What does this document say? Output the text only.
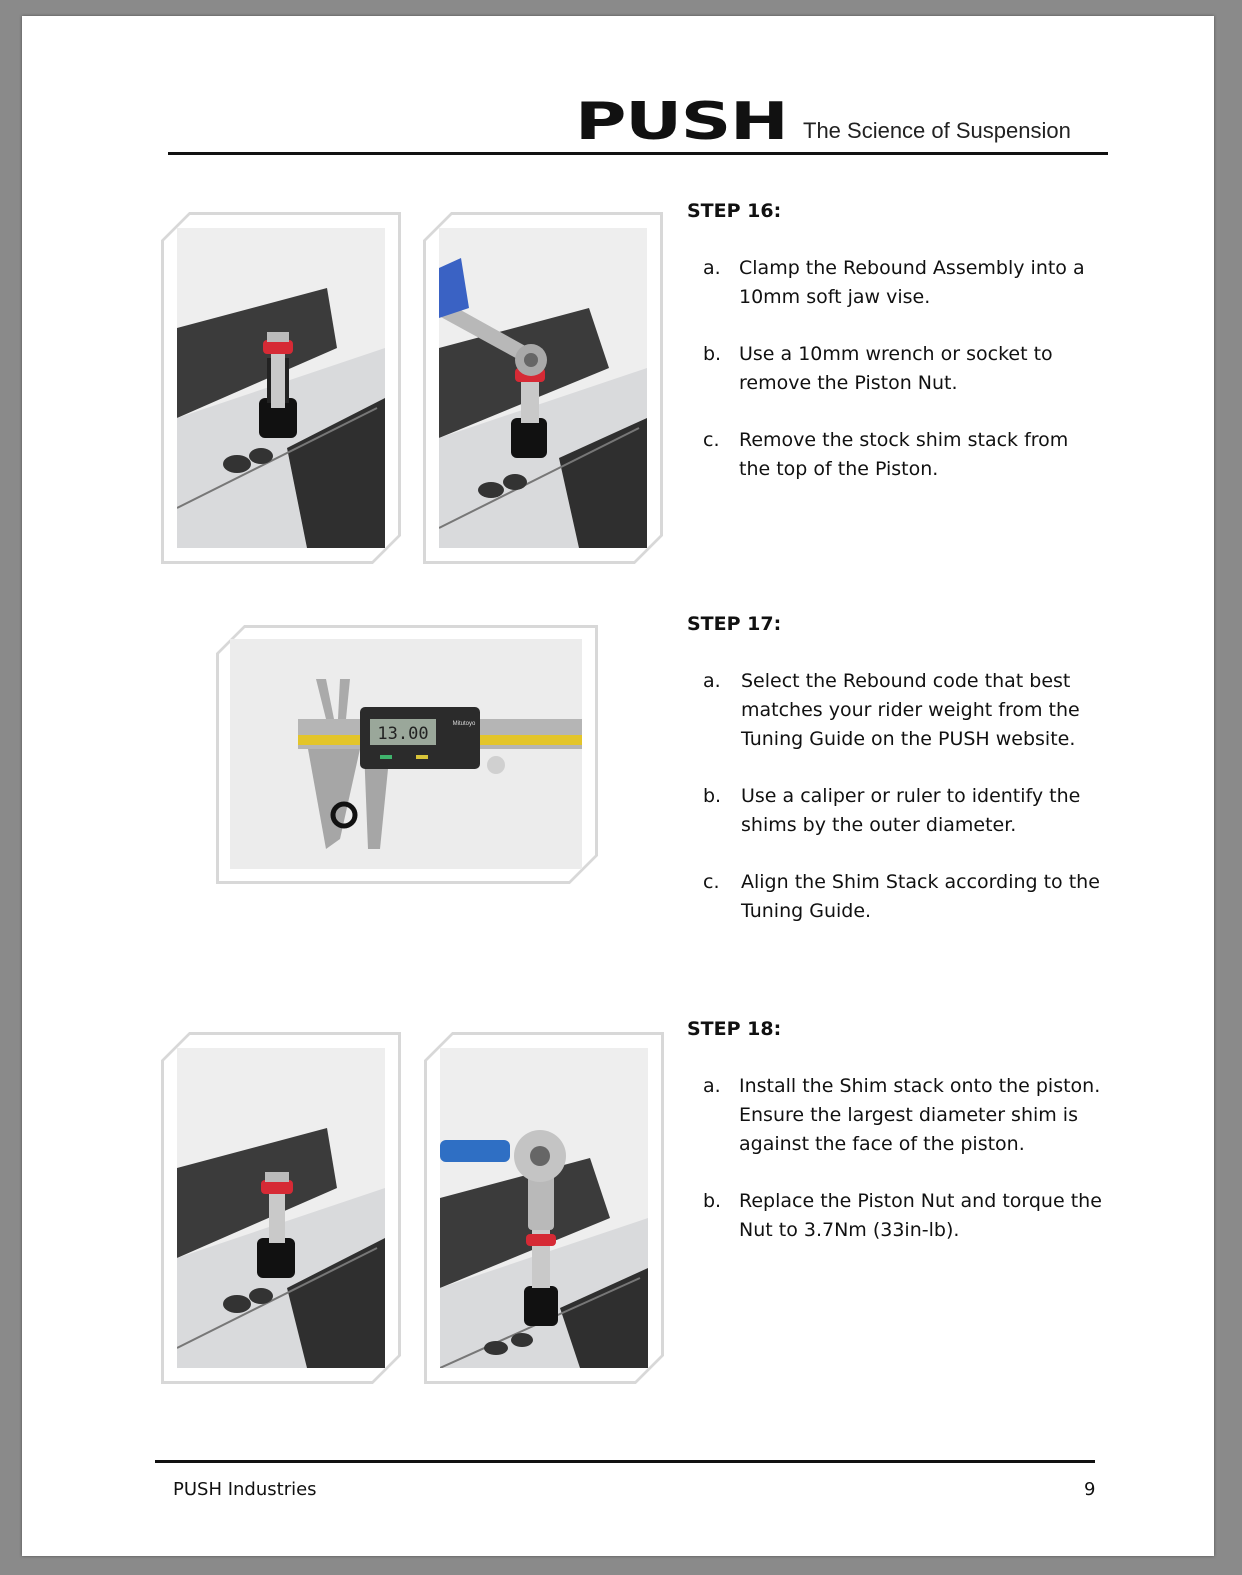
PUSH The Science of Suspension
13.00	Mitutoyo
STEP 16:
a. Clamp the Rebound Assembly into a 10mm soft jaw vise.
b. Use a 10mm wrench or socket to remove the Piston Nut.
c. Remove the stock shim stack from the top of the Piston.
STEP 17:
a. Select the Rebound code that best matches your rider weight from the Tuning Guide on the PUSH website.
b. Use a caliper or ruler to identify the shims by the outer diameter.
c. Align the Shim Stack according to the Tuning Guide.
STEP 18:
a. Install the Shim stack onto the piston. Ensure the largest diameter shim is against the face of the piston.
b. Replace the Piston Nut and torque the Nut to 3.7Nm (33in-lb).
PUSH Industries	9
